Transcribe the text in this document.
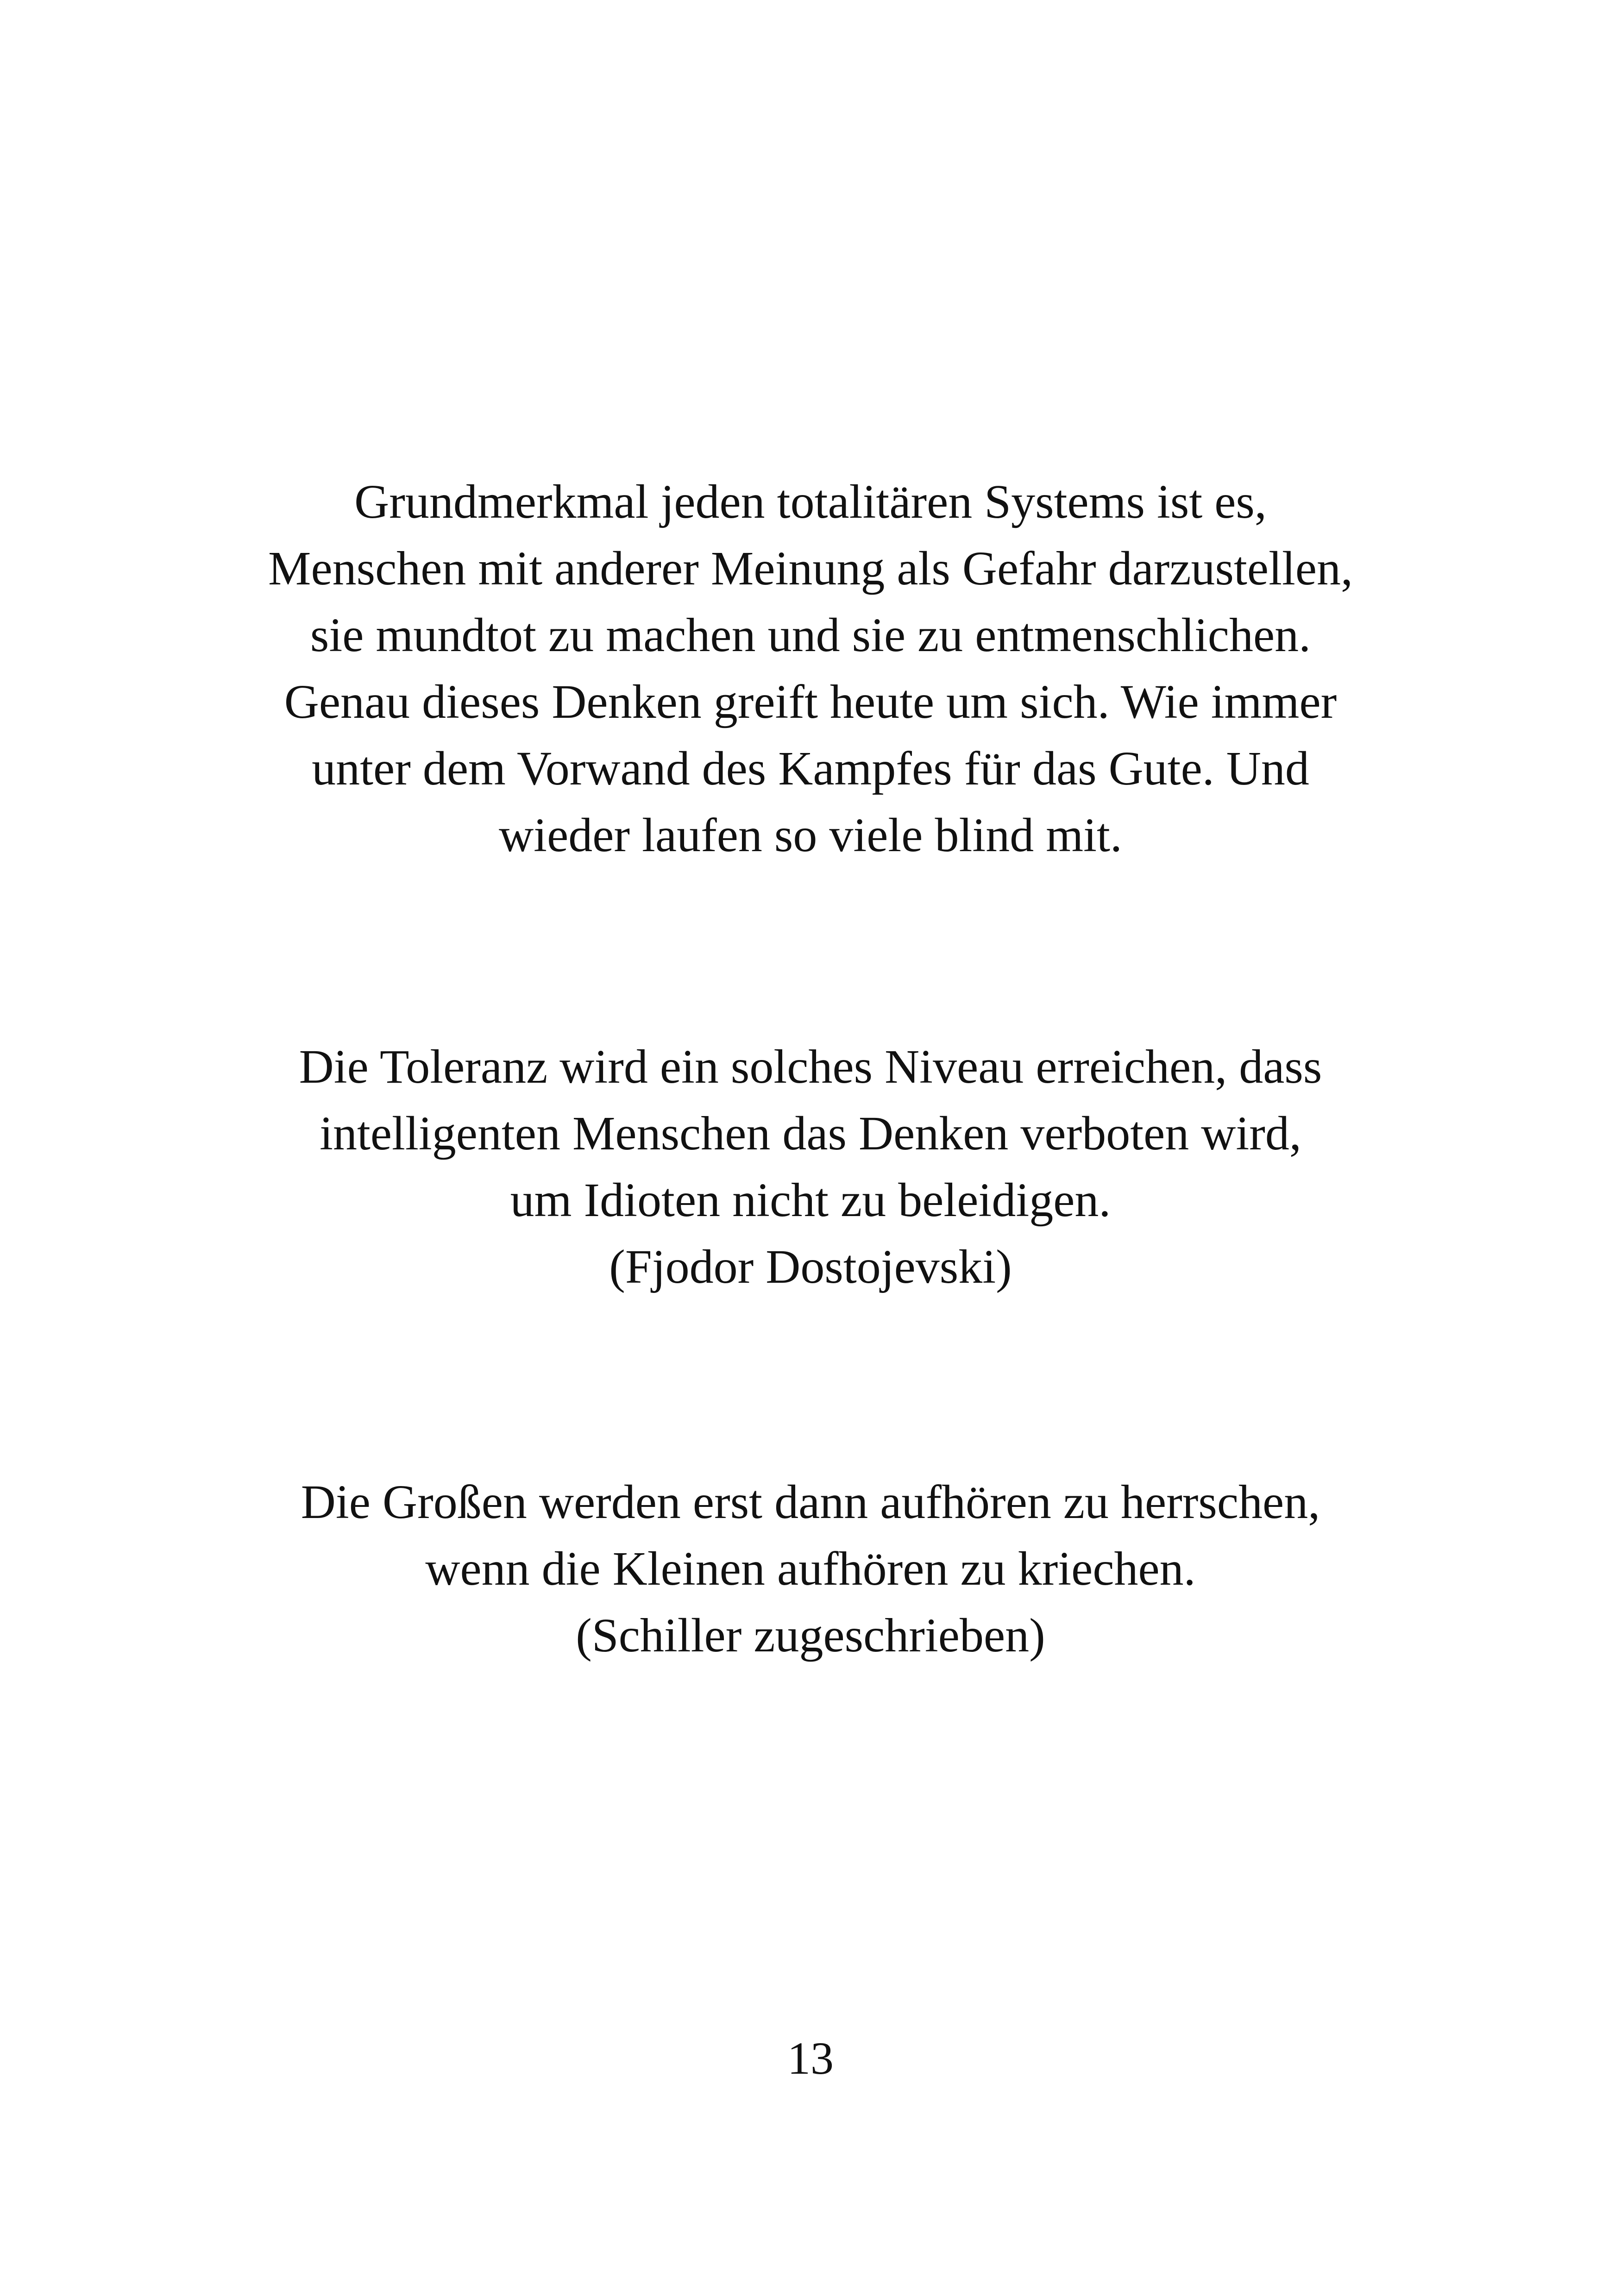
Grundmerkmal jeden totalitären Systems ist es,
Menschen mit anderer Meinung als Gefahr darzustellen,
sie mundtot zu machen und sie zu entmenschlichen.
Genau dieses Denken greift heute um sich. Wie immer
unter dem Vorwand des Kampfes für das Gute. Und
wieder laufen so viele blind mit.
Die Toleranz wird ein solches Niveau erreichen, dass
intelligenten Menschen das Denken verboten wird,
um Idioten nicht zu beleidigen.
(Fjodor Dostojevski)
Die Großen werden erst dann aufhören zu herrschen,
wenn die Kleinen aufhören zu kriechen.
(Schiller zugeschrieben)
13
